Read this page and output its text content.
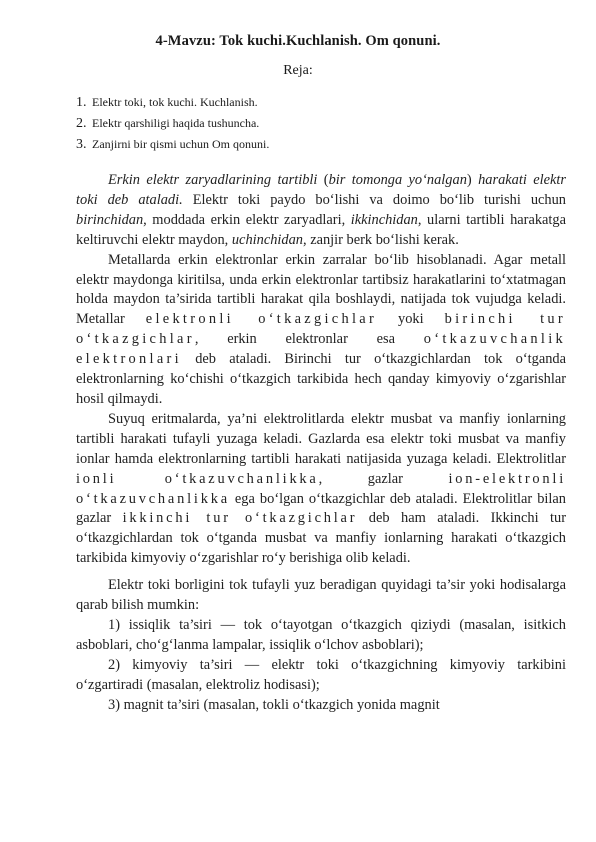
4-Mavzu: Tok kuchi.Kuchlanish. Om qonuni.
Reja:
1. Elektr toki, tok kuchi. Kuchlanish.
2. Elektr qarshiligi haqida tushuncha.
3. Zanjirni bir qismi uchun Om qonuni.

Erkin elektr zaryadlarining tartibli (bir tomonga yo‘nalgan) harakati elektr toki deb ataladi. Elektr toki paydo bo‘lishi va doimo bo‘lib turishi uchun birinchidan, moddada erkin elektr zaryadlari, ikkinchidan, ularni tartibli harakatga keltiruvchi elektr maydon, uchinchidan, zanjir berk bo‘lishi kerak.

Metallarda erkin elektronlar erkin zarralar bo‘lib hisoblanadi. Agar metall elektr maydonga kiritilsa, unda erkin elektronlar tartibsiz harakatlarini to‘xtatmagan holda maydon ta’sirida tartibli harakat qila boshlaydi, natijada tok vujudga keladi. Metallar elektronli o‘tkazgichlar yoki birinchi tur o‘tkazgichlar, erkin elektronlar esa o‘tkazuvchanlik elektronlari deb ataladi. Birinchi tur o‘tkazgichlardan tok o‘tganda elektronlarning ko‘chishi o‘tkazgich tarkibida hech qanday kimyoviy o‘zgarishlar hosil qilmaydi.

Suyuq eritmalarda, ya’ni elektrolitlarda elektr musbat va manfiy ionlarning tartibli harakati tufayli yuzaga keladi. Gazlarda esa elektr toki musbat va manfiy ionlar hamda elektronlarning tartibli harakati natijasida yuzaga keladi. Elektrolitlar ionli o‘tkazuvchanlikka, gazlar ion-elektronli o‘tkazuvchanlikka ega bo‘lgan o‘tkazgichlar deb ataladi. Elektrolitlar bilan gazlar ikkinchi tur o‘tkazgichlar deb ham ataladi. Ikkinchi tur o‘tkazgichlardan tok o‘tganda musbat va manfiy ionlarning harakati o‘tkazgich tarkibida kimyoviy o‘zgarishlar ro‘y berishiga olib keladi.

Elektr toki borligini tok tufayli yuz beradigan quyidagi ta’sir yoki hodisalarga qarab bilish mumkin:

1) issiqlik ta’siri — tok o‘tayotgan o‘tkazgich qiziydi (masalan, isitkich asboblari, cho‘g‘lanma lampalar, issiqlik o‘lchov asboblari);

2) kimyoviy ta’siri — elektr toki o‘tkazgichning kimyoviy tarkibini o‘zgartiradi (masalan, elektroliz hodisasi);

3) magnit ta’siri (masalan, tokli o‘tkazgich yonida magnit
